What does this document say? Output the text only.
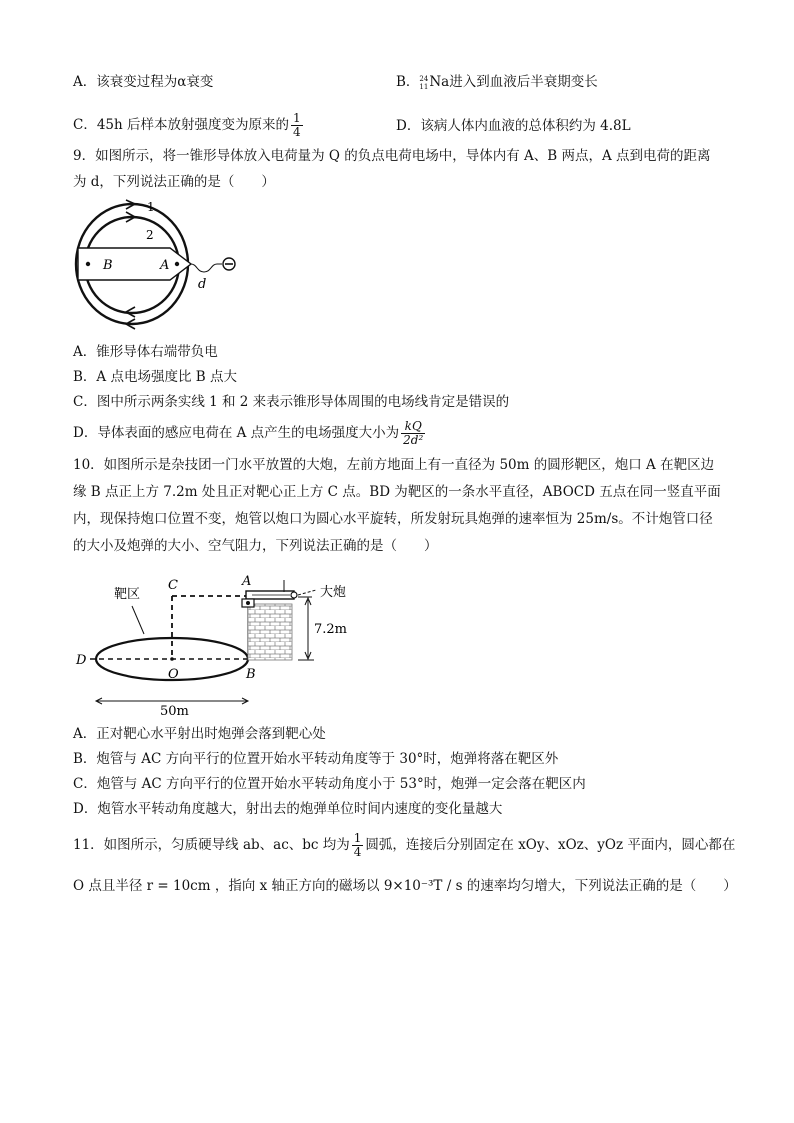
A．该衰变过程为α衰变	B． 24
11 Na进入到血液后半衰期变长
C．45h 后样本放射强度变为原来的 $\frac{1}{4}$	D．该病人体内血液的总体积约为 4.8L
9．如图所示，将一锥形导体放入电荷量为 Q 的负点电荷电场中，导体内有 A、B 两点，A 点到电荷的距离
为 d，下列说法正确的是（　　）
B	A
1
2
d
A．锥形导体右端带负电
B．A 点电场强度比 B 点大
C．图中所示两条实线 1 和 2 来表示锥形导体周围的电场线肯定是错误的
D．导体表面的感应电荷在 A 点产生的电场强度大小为 $\frac{kQ}{\text{2d²}}$
10．如图所示是杂技团一门水平放置的大炮，左前方地面上有一直径为 50m 的圆形靶区，炮口 A 在靶区边
缘 B 点正上方 7.2m 处且正对靶心正上方 C 点。BD 为靶区的一条水平直径，ABOCD 五点在同一竖直平面
内，现保持炮口位置不变，炮管以炮口为圆心水平旋转，所发射玩具炮弹的速率恒为 25m/s。不计炮管口径
的大小及炮弹的大小、空气阻力，下列说法正确的是（　　）
靶区
C	A
大炮
7.2m
D
O	B
50m
A．正对靶心水平射出时炮弹会落到靶心处
B．炮管与 AC 方向平行的位置开始水平转动角度等于 30°时，炮弹将落在靶区外
C．炮管与 AC 方向平行的位置开始水平转动角度小于 53°时，炮弹一定会落在靶区内
D．炮管水平转动角度越大，射出去的炮弹单位时间内速度的变化量越大
11．如图所示，匀质硬导线 ab、ac、bc 均为 $\frac{1}{4}$ 圆弧，连接后分别固定在 xOy、xOz、yOz 平面内，圆心都在
O 点且半径 r = 10cm ，指向 x 轴正方向的磁场以 9×10⁻³T / s 的速率均匀增大，下列说法正确的是（　　）
